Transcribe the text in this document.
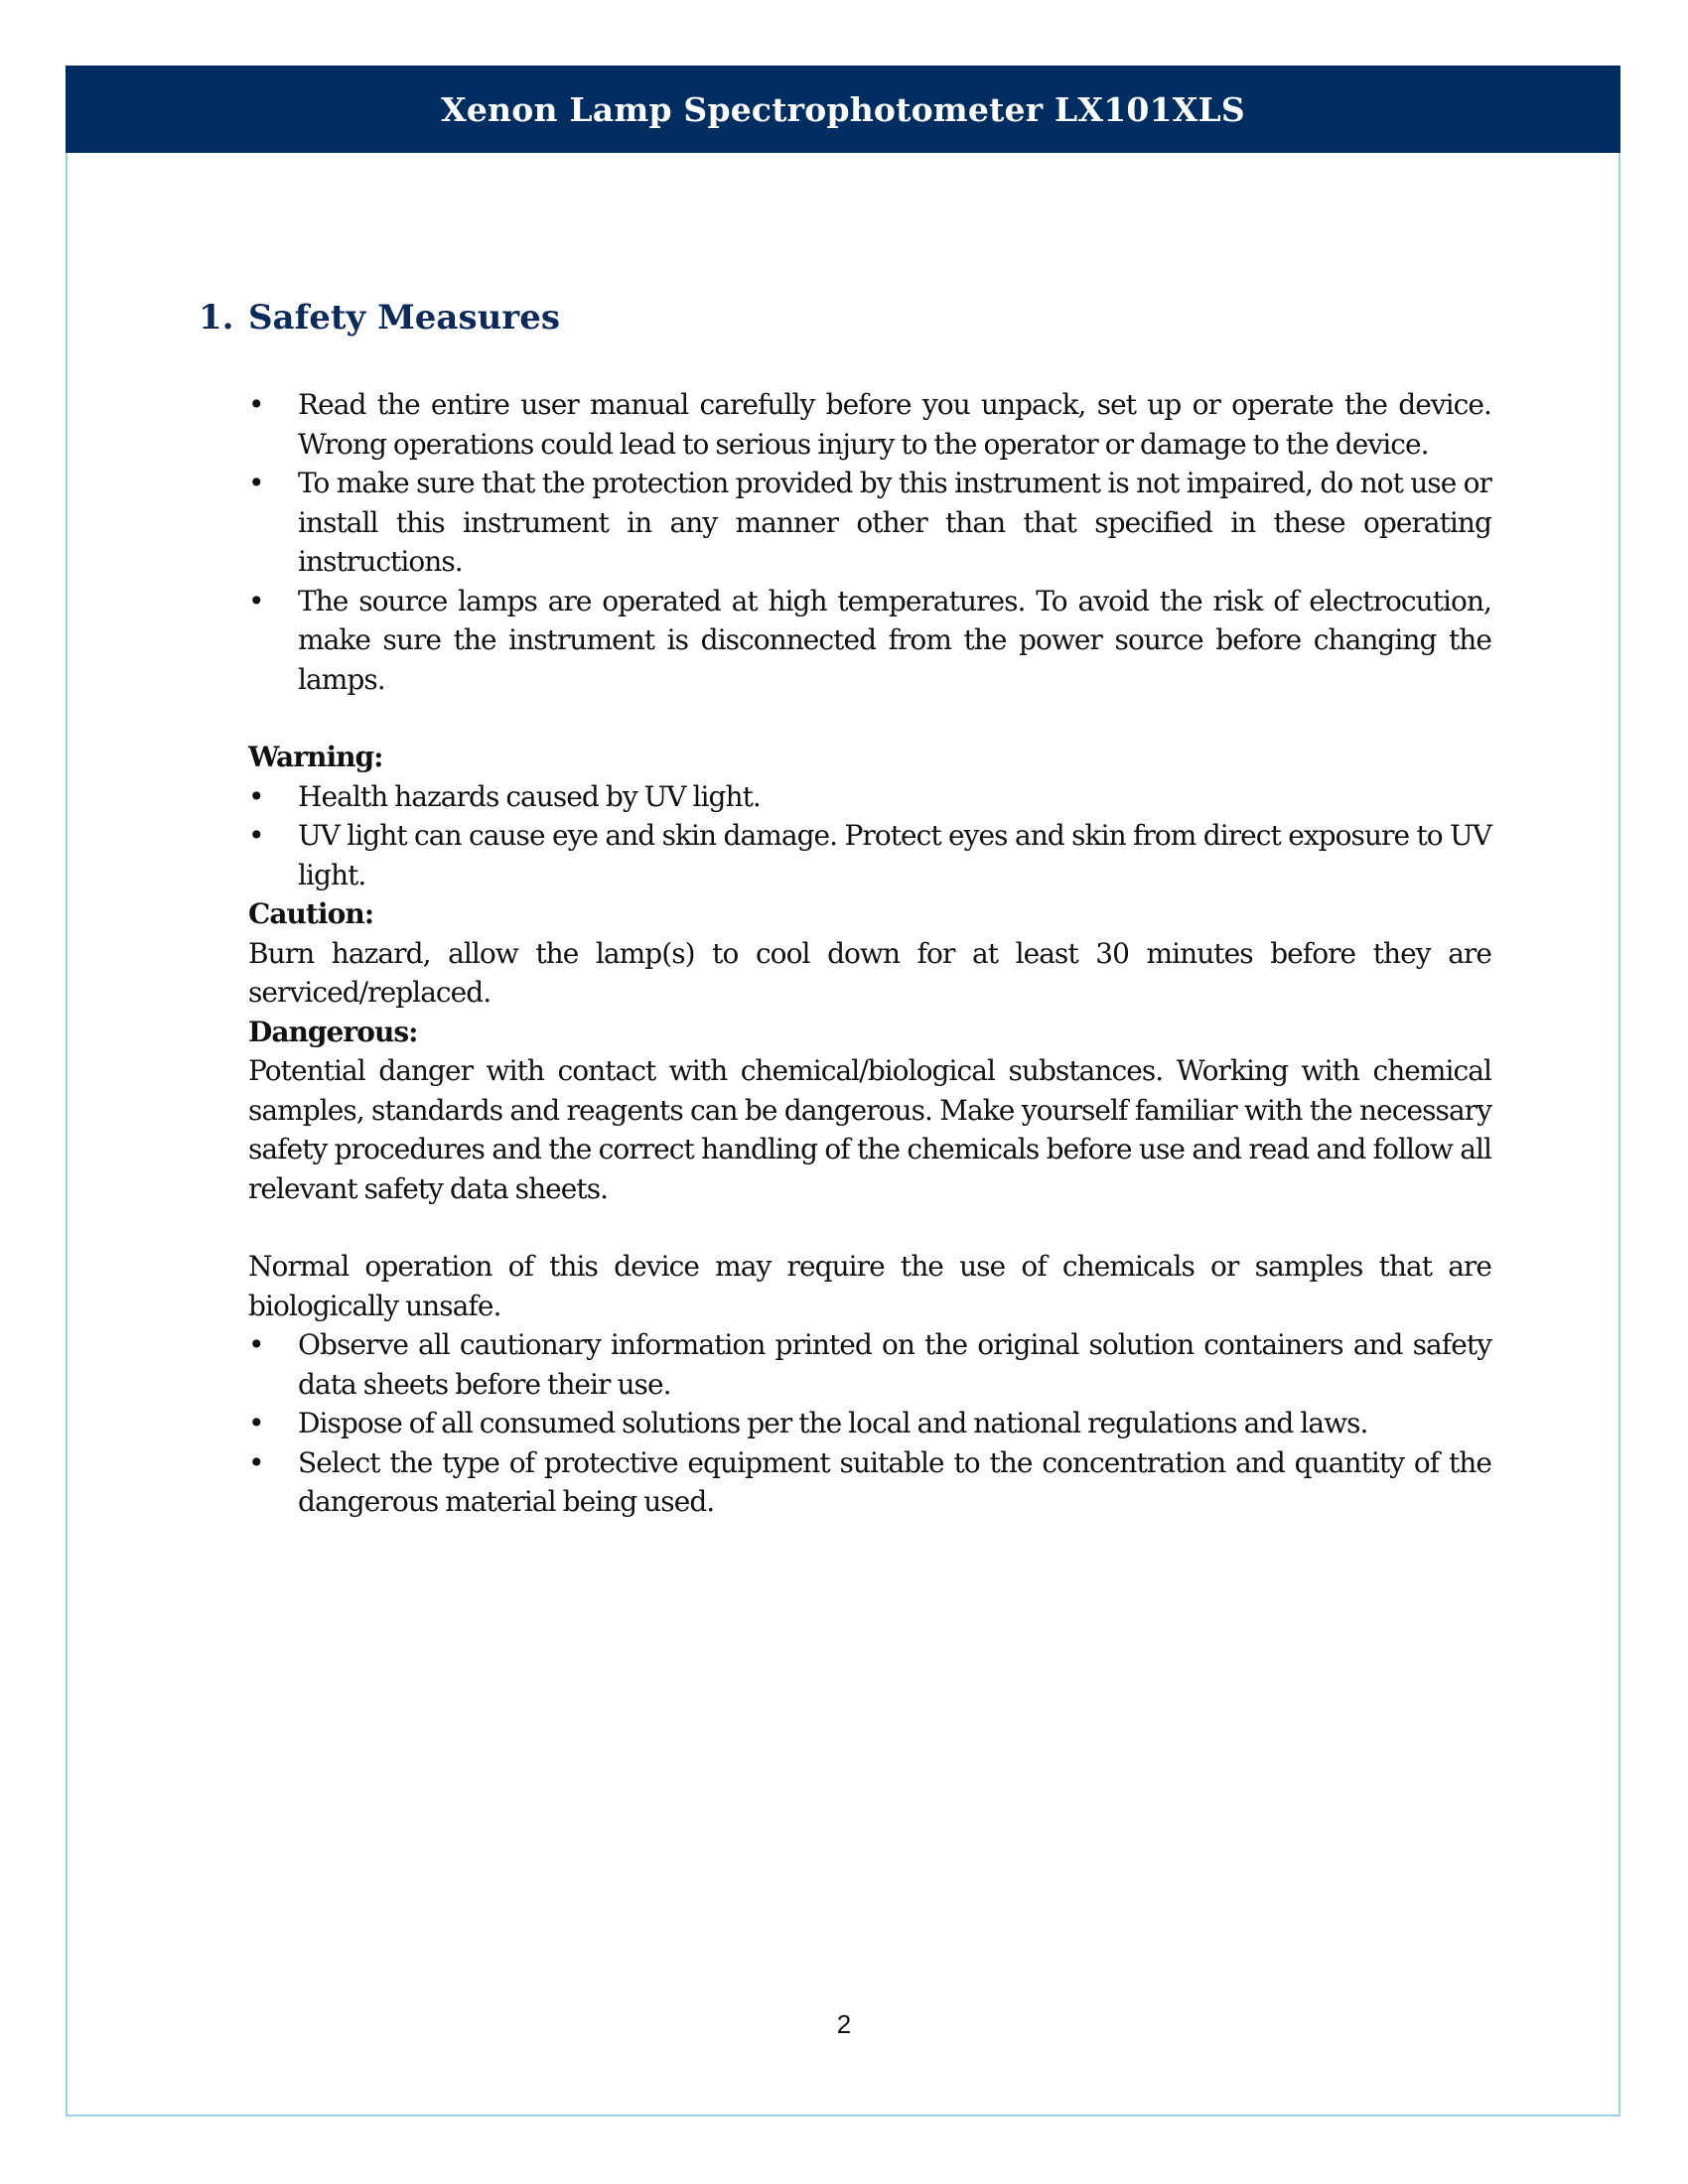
Xenon Lamp Spectrophotometer LX101XLS
1. Safety Measures
• Read the entire user manual carefully before you unpack, set up or operate the device. Wrong operations could lead to serious injury to the operator or damage to the device.
• To make sure that the protection provided by this instrument is not impaired, do not use or install this instrument in any manner other than that specified in these operating instructions.
• The source lamps are operated at high temperatures. To avoid the risk of electrocution, make sure the instrument is disconnected from the power source before changing the lamps.
Warning:
• Health hazards caused by UV light.
• UV light can cause eye and skin damage. Protect eyes and skin from direct exposure to UV light.
Caution:
Burn hazard, allow the lamp(s) to cool down for at least 30 minutes before they are serviced/replaced.
Dangerous:
Potential danger with contact with chemical/biological substances. Working with chemical samples, standards and reagents can be dangerous. Make yourself familiar with the necessary safety procedures and the correct handling of the chemicals before use and read and follow all relevant safety data sheets.
Normal operation of this device may require the use of chemicals or samples that are biologically unsafe.
• Observe all cautionary information printed on the original solution containers and safety data sheets before their use.
• Dispose of all consumed solutions per the local and national regulations and laws.
• Select the type of protective equipment suitable to the concentration and quantity of the dangerous material being used.
2
